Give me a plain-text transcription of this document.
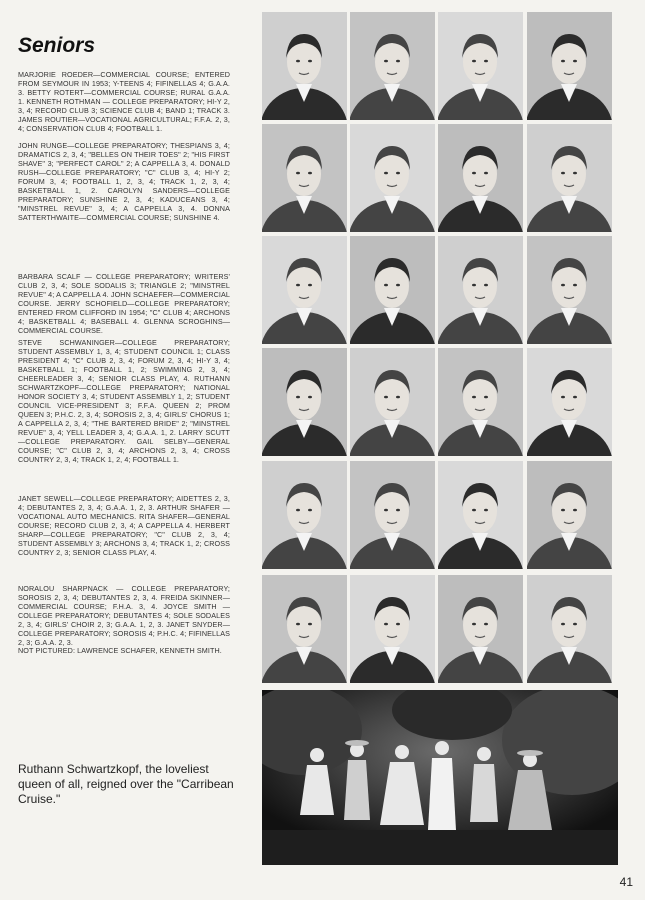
Seniors
MARJORIE ROEDER—COMMERCIAL COURSE; ENTERED FROM SEYMOUR IN 1953; Y-TEENS 4; FIFINELLAS 4; G.A.A. 3. BETTY ROTERT—COMMERCIAL COURSE; RURAL G.A.A. 1. KENNETH ROTHMAN — COLLEGE PREPARATORY; HI-Y 2, 3, 4; RECORD CLUB 3; SCIENCE CLUB 4; BAND 1; TRACK 3. JAMES ROUTIER—VOCATIONAL AGRICULTURAL; F.F.A. 2, 3, 4; CONSERVATION CLUB 4; FOOTBALL 1.
JOHN RUNGE—COLLEGE PREPARATORY; THESPIANS 3, 4; DRAMATICS 2, 3, 4; "BELLES ON THEIR TOES" 2; "HIS FIRST SHAVE" 3; "PERFECT CAROL" 2; A CAPPELLA 3, 4. DONALD RUSH—COLLEGE PREPARATORY; "C" CLUB 3, 4; HI-Y 2; FORUM 3, 4; FOOTBALL 1, 2, 3, 4; TRACK 1, 2, 3, 4; BASKETBALL 1, 2. CAROLYN SANDERS—COLLEGE PREPARATORY; SUNSHINE 2, 3, 4; KADUCEANS 3, 4; "MINSTREL REVUE" 3, 4; A CAPPELLA 3, 4. DONNA SATTERTHWAITE—COMMERCIAL COURSE; SUNSHINE 4.
BARBARA SCALF — COLLEGE PREPARATORY; WRITERS' CLUB 2, 3, 4; SOLE SODALIS 3; TRIANGLE 2; "MINSTREL REVUE" 4; A CAPPELLA 4. JOHN SCHAEFER—COMMERCIAL COURSE. JERRY SCHOFIELD—COLLEGE PREPARATORY; ENTERED FROM CLIFFORD IN 1954; "C" CLUB 4; ARCHONS 4; BASKETBALL 4; BASEBALL 4. GLENNA SCROGHINS—COMMERCIAL COURSE.
STEVE SCHWANINGER—COLLEGE PREPARATORY; STUDENT ASSEMBLY 1, 3, 4; STUDENT COUNCIL 1; CLASS PRESIDENT 4; "C" CLUB 2, 3, 4; FORUM 2, 3, 4; HI-Y 3, 4; BASKETBALL 1; FOOTBALL 1, 2; SWIMMING 2, 3, 4; CHEERLEADER 3, 4; SENIOR CLASS PLAY, 4. RUTHANN SCHWARTZKOPF—COLLEGE PREPARATORY; NATIONAL HONOR SOCIETY 3, 4; STUDENT ASSEMBLY 1, 2; STUDENT COUNCIL VICE-PRESIDENT 3; F.F.A. QUEEN 2; PROM QUEEN 3; P.H.C. 2, 3, 4; SOROSIS 2, 3, 4; GIRLS' CHORUS 1; A CAPPELLA 2, 3, 4; "THE BARTERED BRIDE" 2; "MINSTREL REVUE" 3, 4; YELL LEADER 3, 4; G.A.A. 1, 2. LARRY SCUTT—COLLEGE PREPARATORY. GAIL SELBY—GENERAL COURSE; "C" CLUB 2, 3, 4; ARCHONS 2, 3, 4; CROSS COUNTRY 2, 3, 4; TRACK 1, 2, 4; FOOTBALL 1.
JANET SEWELL—COLLEGE PREPARATORY; AIDETTES 2, 3, 4; DEBUTANTES 2, 3, 4; G.A.A. 1, 2, 3. ARTHUR SHAFER — VOCATIONAL AUTO MECHANICS. RITA SHAFER—GENERAL COURSE; RECORD CLUB 2, 3, 4; A CAPPELLA 4. HERBERT SHARP—COLLEGE PREPARATORY; "C" CLUB 2, 3, 4; STUDENT ASSEMBLY 3; ARCHONS 3, 4; TRACK 1, 2; CROSS COUNTRY 2, 3; SENIOR CLASS PLAY, 4.
NORALOU SHARPNACK — COLLEGE PREPARATORY; SOROSIS 2, 3, 4; DEBUTANTES 2, 3, 4. FREIDA SKINNER—COMMERCIAL COURSE; F.H.A. 3, 4. JOYCE SMITH — COLLEGE PREPARATORY; DEBUTANTES 4; SOLE SODALES 2, 3, 4; GIRLS' CHOIR 2, 3; G.A.A. 1, 2, 3. JANET SNYDER—COLLEGE PREPARATORY; SOROSIS 4; P.H.C. 4; FIFINELLAS 2, 3; G.A.A. 2, 3.
NOT PICTURED: LAWRENCE SCHAFER, KENNETH SMITH.
Ruthann Schwartzkopf, the loveliest queen of all, reigned over the "Carribean Cruise."
41
